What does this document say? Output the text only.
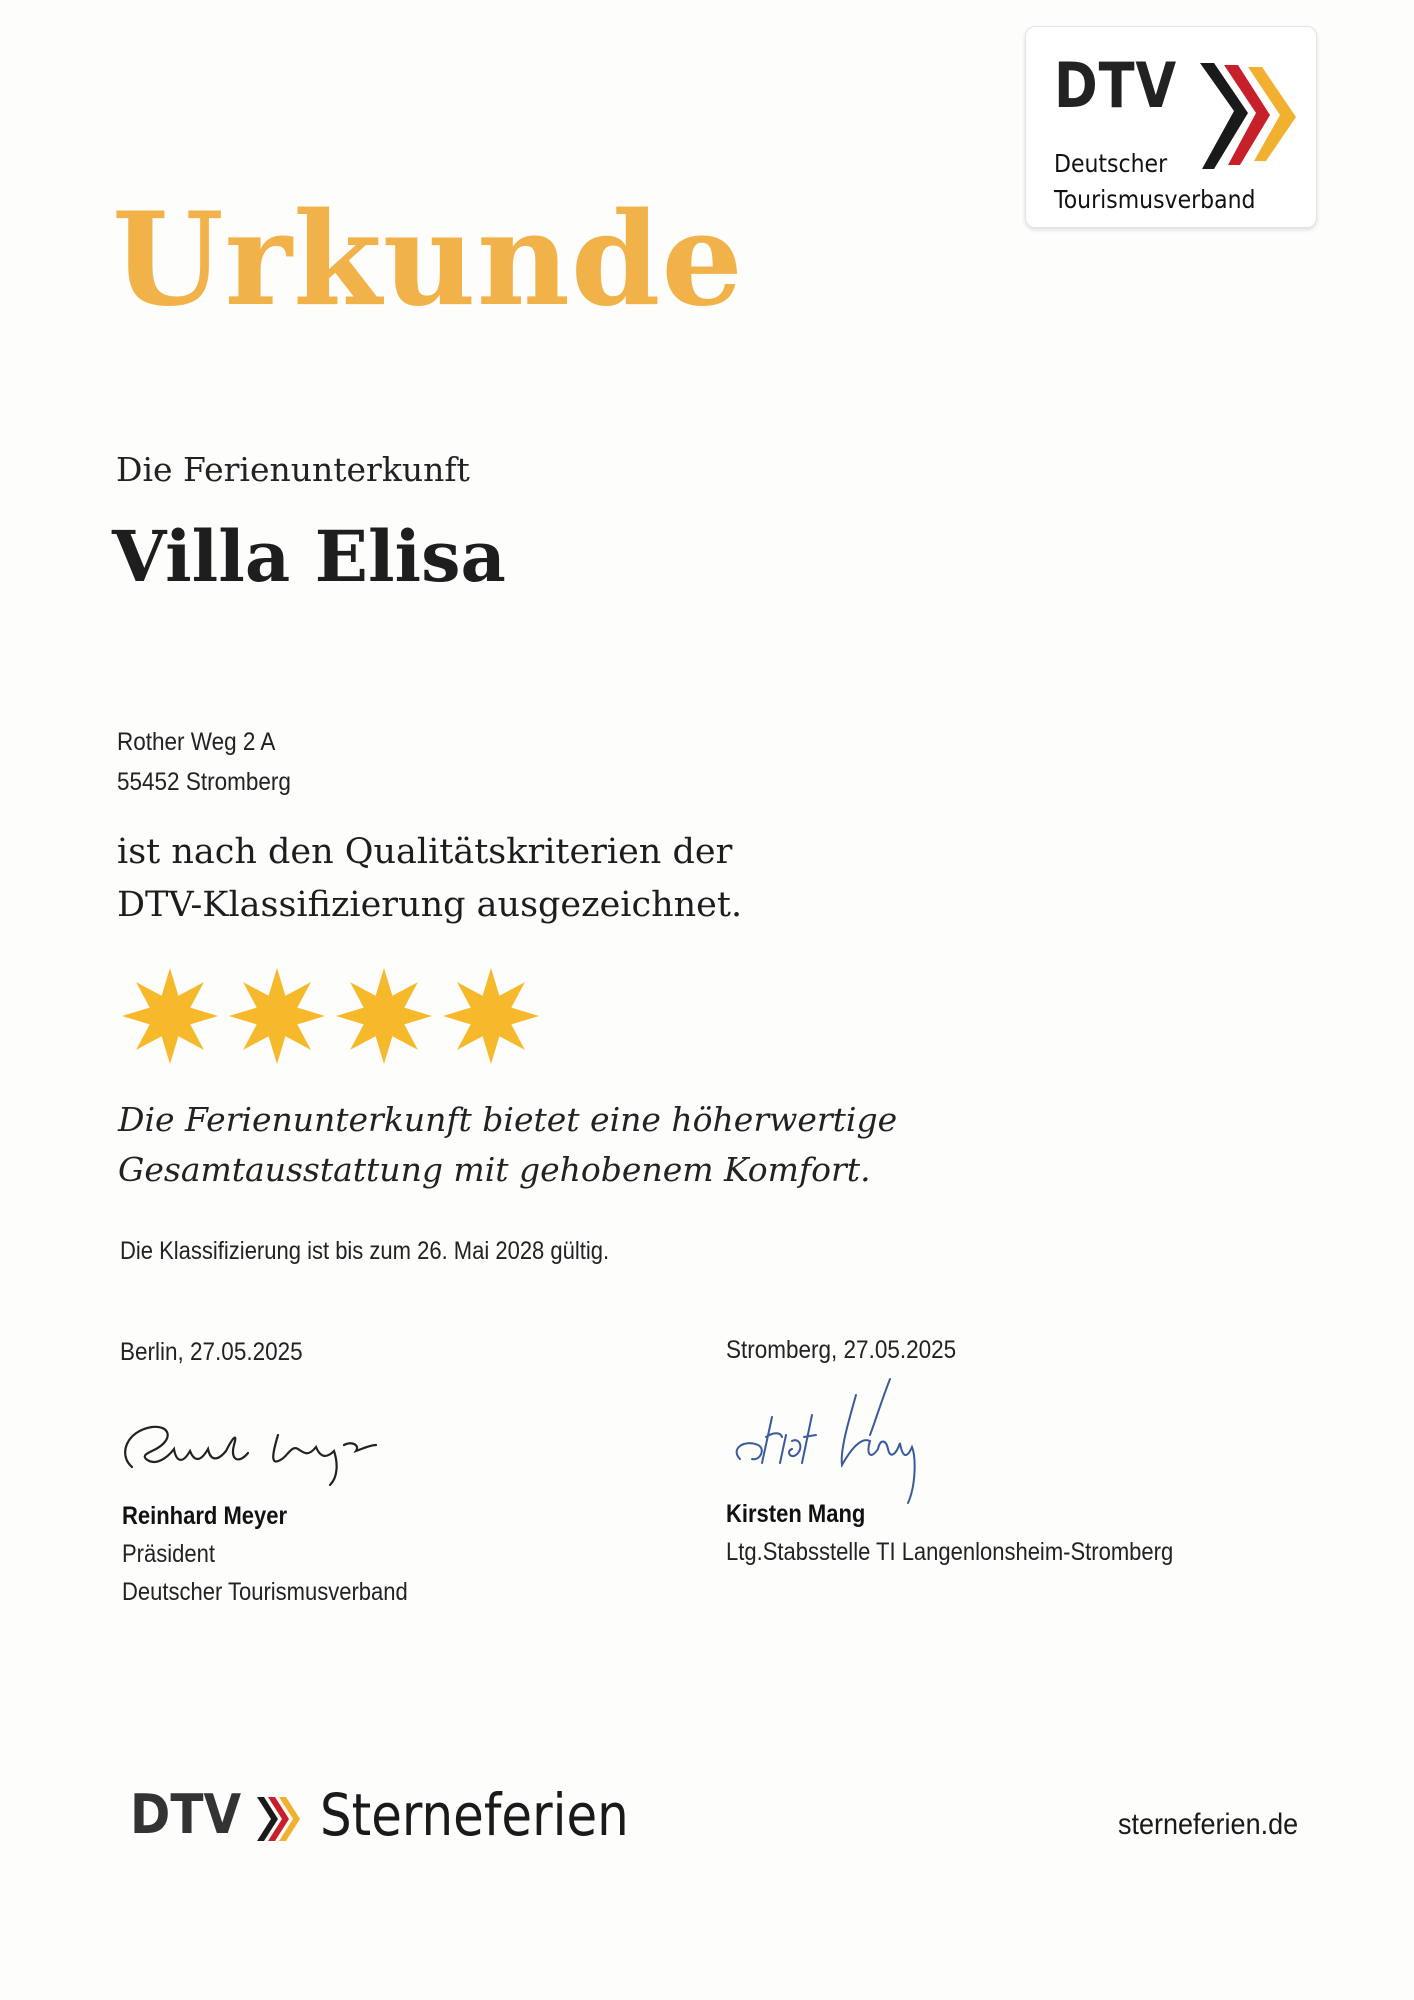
DTV
Deutscher
Tourismusverband
Urkunde
Die Ferienunterkunft
Villa Elisa
Rother Weg 2 A
55452 Stromberg
ist nach den Qualitätskriterien der
DTV-Klassifizierung ausgezeichnet.
Die Ferienunterkunft bietet eine höherwertige
Gesamtausstattung mit gehobenem Komfort.
Die Klassifizierung ist bis zum 26. Mai 2028 gültig.
Berlin, 27.05.2025
Reinhard Meyer
Reinhard Meyer
Präsident
Deutscher Tourismusverband
Stromberg, 27.05.2025
Kirsten Mang
Ltg.Stabsstelle TI Langenlonsheim-Stromberg
DTV Sterneferien	sterneferien.de
